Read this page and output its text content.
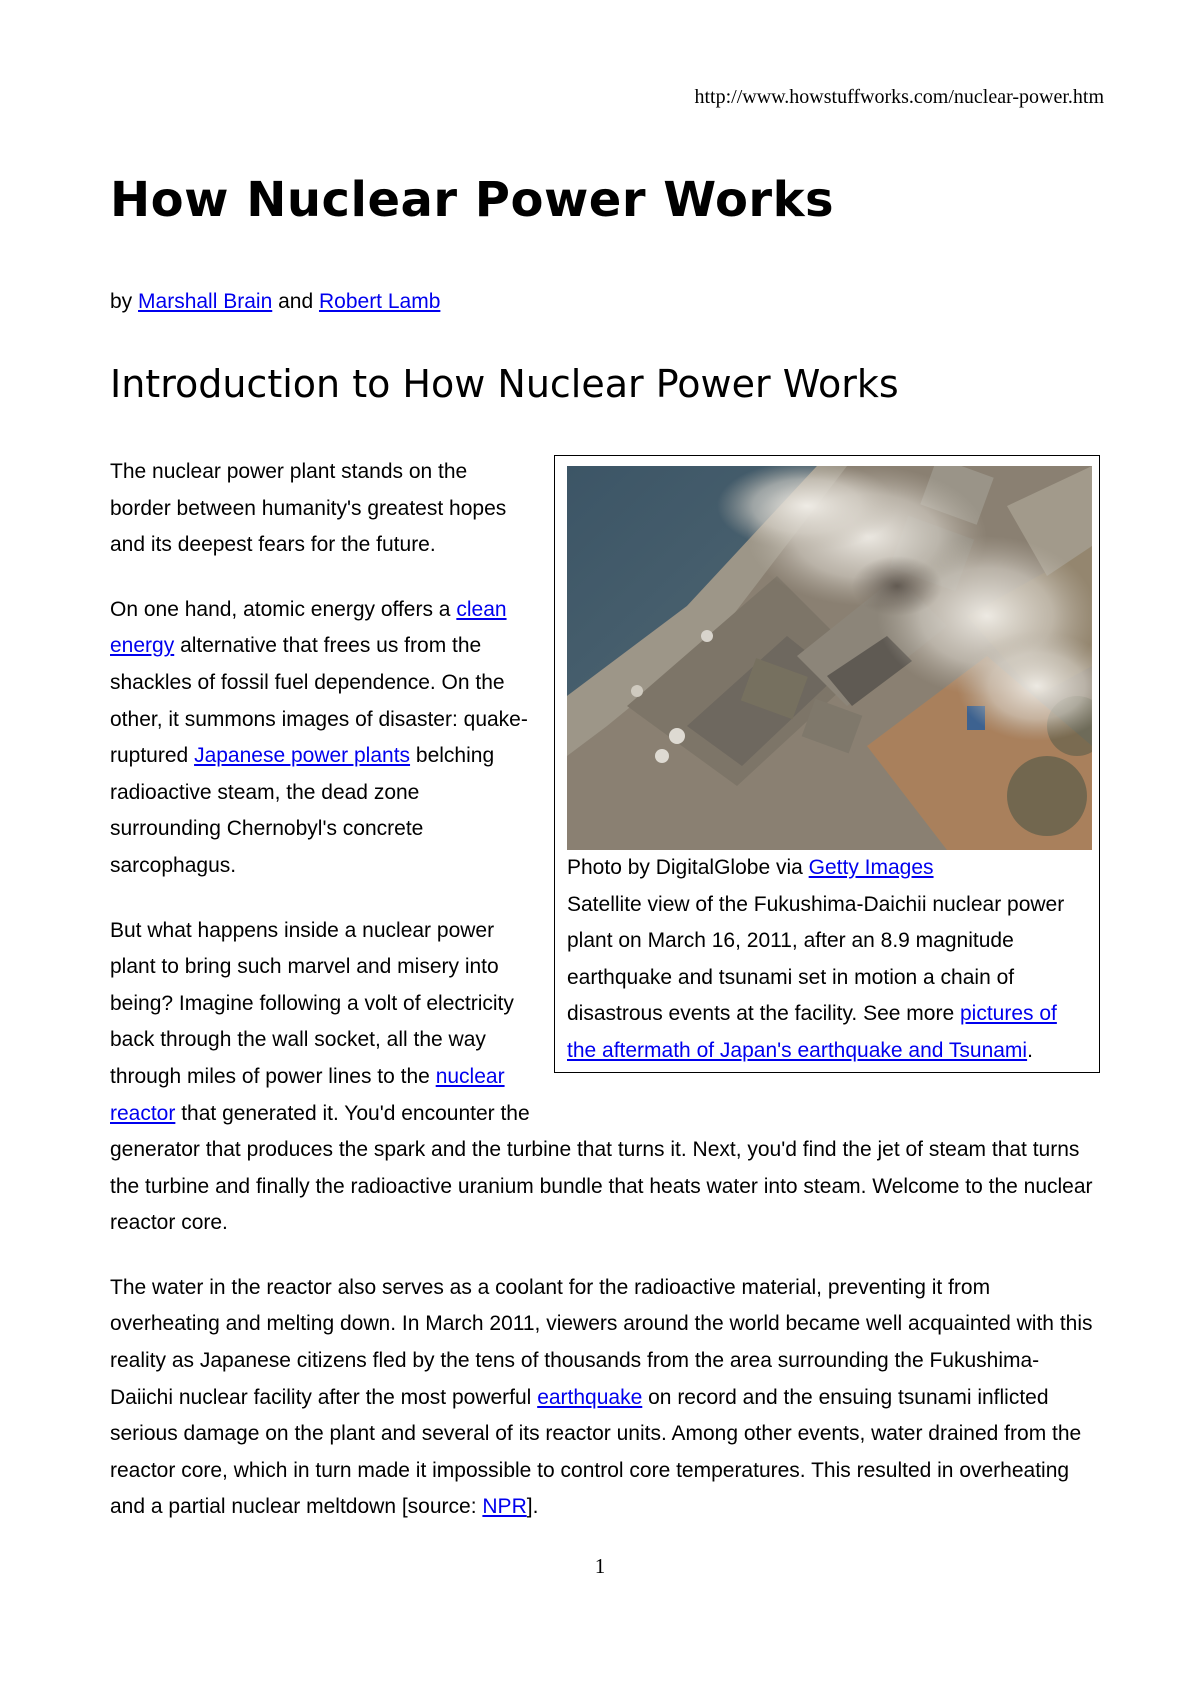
http://www.howstuffworks.com/nuclear-power.htm
How Nuclear Power Works
by Marshall Brain and Robert Lamb
Introduction to How Nuclear Power Works
Photo by DigitalGlobe via Getty Images
Satellite view of the Fukushima-Daichii nuclear power plant on March 16, 2011, after an 8.9 magnitude earthquake and tsunami set in motion a chain of disastrous events at the facility. See more pictures of the aftermath of Japan's earthquake and Tsunami.

The nuclear power plant stands on the border between humanity's greatest hopes and its deepest fears for the future.

On one hand, atomic energy offers a clean energy alternative that frees us from the shackles of fossil fuel dependence. On the other, it summons images of disaster: quake-ruptured Japanese power plants belching radioactive steam, the dead zone surrounding Chernobyl's concrete sarcophagus.

But what happens inside a nuclear power plant to bring such marvel and misery into being? Imagine following a volt of electricity back through the wall socket, all the way through miles of power lines to the nuclear reactor that generated it. You'd encounter the generator that produces the spark and the turbine that turns it. Next, you'd find the jet of steam that turns the turbine and finally the radioactive uranium bundle that heats water into steam. Welcome to the nuclear reactor core.

The water in the reactor also serves as a coolant for the radioactive material, preventing it from overheating and melting down. In March 2011, viewers around the world became well acquainted with this reality as Japanese citizens fled by the tens of thousands from the area surrounding the Fukushima-Daiichi nuclear facility after the most powerful earthquake on record and the ensuing tsunami inflicted serious damage on the plant and several of its reactor units. Among other events, water drained from the reactor core, which in turn made it impossible to control core temperatures. This resulted in overheating and a partial nuclear meltdown [source: NPR].

1
